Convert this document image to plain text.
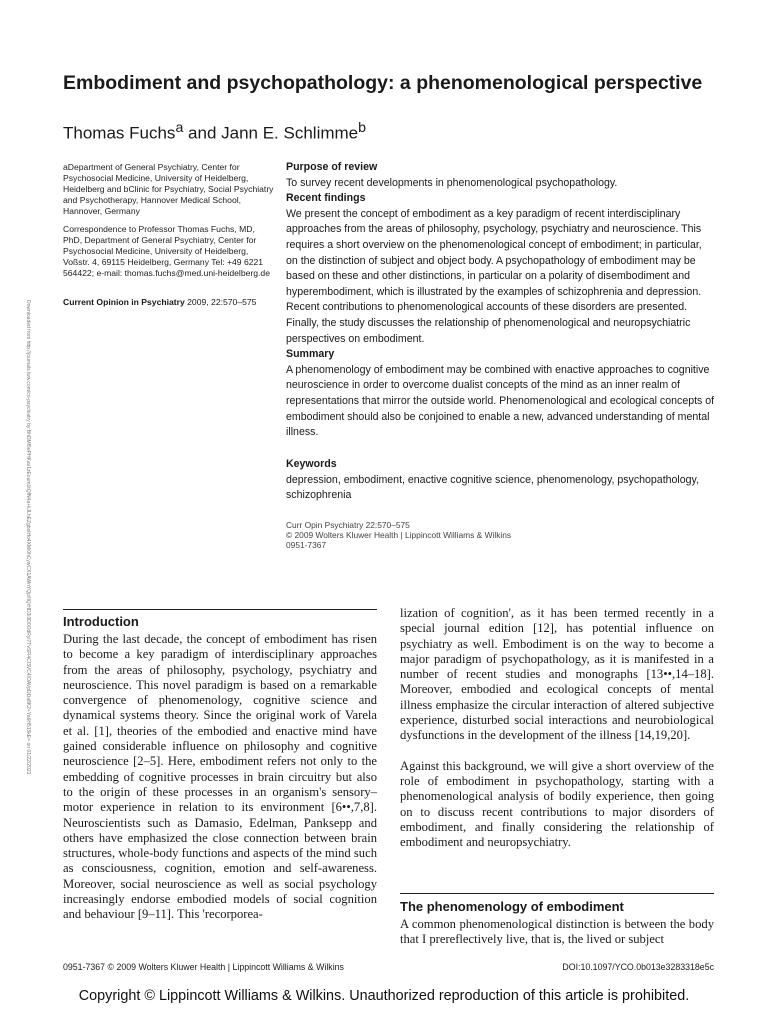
Embodiment and psychopathology: a phenomenological perspective
Thomas Fuchs$^a$ and Jann E. Schlimme$^b$
aDepartment of General Psychiatry, Center for Psychosocial Medicine, University of Heidelberg, Heidelberg and bClinic for Psychiatry, Social Psychiatry and Psychotherapy, Hannover Medical School, Hannover, Germany
Correspondence to Professor Thomas Fuchs, MD, PhD, Department of General Psychiatry, Center for Psychosocial Medicine, University of Heidelberg, Voßstr. 4, 69115 Heidelberg, Germany Tel: +49 6221 564422; e-mail: thomas.fuchs@med.uni-heidelberg.de
Current Opinion in Psychiatry 2009, 22:570–575
Downloaded from http://journals.lww.com/co-psychiatry by BhDMf5ePHKav1zEoum1tQfN4a+kJLhEZgbsIHo4XMi0hCywCX1AWnYQp/IlQrHD3i3D0OdRyi7TvSFl4Cf3VC4/OAVpDDa8K2+Ya6H515kE= on 01/22/2021
Purpose of review

To survey recent developments in phenomenological psychopathology.

Recent findings

We present the concept of embodiment as a key paradigm of recent interdisciplinary approaches from the areas of philosophy, psychology, psychiatry and neuroscience. This requires a short overview on the phenomenological concept of embodiment; in particular, on the distinction of subject and object body. A psychopathology of embodiment may be based on these and other distinctions, in particular on a polarity of disembodiment and hyperembodiment, which is illustrated by the examples of schizophrenia and depression. Recent contributions to phenomenological accounts of these disorders are presented. Finally, the study discusses the relationship of phenomenological and neuropsychiatric perspectives on embodiment.

Summary

A phenomenology of embodiment may be combined with enactive approaches to cognitive neuroscience in order to overcome dualist concepts of the mind as an inner realm of representations that mirror the outside world. Phenomenological and ecological concepts of embodiment should also be conjoined to enable a new, advanced understanding of mental illness.

Keywords
depression, embodiment, enactive cognitive science, phenomenology, psychopathology, schizophrenia
Curr Opin Psychiatry 22:570–575
© 2009 Wolters Kluwer Health | Lippincott Williams & Wilkins
0951-7367
Introduction

During the last decade, the concept of embodiment has risen to become a key paradigm of interdisciplinary approaches from the areas of philosophy, psychology, psychiatry and neuroscience. This novel paradigm is based on a remarkable convergence of phenomenology, cognitive science and dynamical systems theory. Since the original work of Varela et al. [1], theories of the embodied and enactive mind have gained considerable influence on philosophy and cognitive neuroscience [2–5]. Here, embodiment refers not only to the embedding of cognitive processes in brain circuitry but also to the origin of these processes in an organism's sensory–motor experience in relation to its environment [6••,7,8]. Neuroscientists such as Damasio, Edelman, Panksepp and others have emphasized the close connection between brain structures, whole-body functions and aspects of the mind such as consciousness, cognition, emotion and self-awareness. Moreover, social neuroscience as well as social psychology increasingly endorse embodied models of social cognition and behaviour [9–11]. This 'recorporea-

lization of cognition', as it has been termed recently in a special journal edition [12], has potential influence on psychiatry as well. Embodiment is on the way to become a major paradigm of psychopathology, as it is manifested in a number of recent studies and monographs [13••,14–18]. Moreover, embodied and ecological concepts of mental illness emphasize the circular interaction of altered subjective experience, disturbed social interactions and neurobiological dysfunctions in the development of the illness [14,19,20].

Against this background, we will give a short overview of the role of embodiment in psychopathology, starting with a phenomenological analysis of bodily experience, then going on to discuss recent contributions to major disorders of embodiment, and finally considering the relationship of embodiment and neuropsychiatry.

The phenomenology of embodiment

A common phenomenological distinction is between the body that I prereflectively live, that is, the lived or subject

0951-7367 © 2009 Wolters Kluwer Health | Lippincott Williams & Wilkins	DOI:10.1097/YCO.0b013e3283318e5c
Copyright © Lippincott Williams & Wilkins. Unauthorized reproduction of this article is prohibited.
